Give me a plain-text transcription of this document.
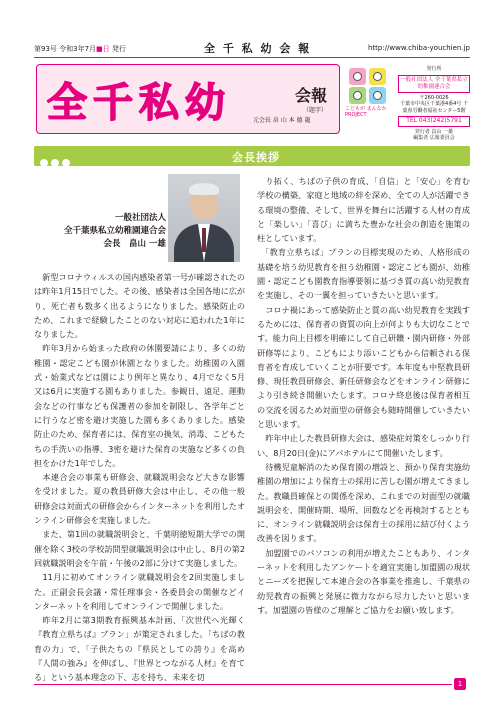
第93号 令和3年7月■日 発行	全 千 私 幼 会 報	http://www.chiba-youchien.jp
全千私幼	会報
（題字）
元会長 畠 山 本 德 龍
こどもが まんなか PROJECT
発行所
一般社団法人 全千葉県私立幼稚園連合会
〒260-0026
千葉市中央区千葉港4番4号 千葉県労働者福祉センター5階
TEL 043(242)5791
発行者 畠山 一雄
編集者 広報委員会
会長挨拶
一般社団法人
全千葉県私立幼稚園連合会
会長　畠山 一雄

　新型コロナウィルスの国内感染者第一号が確認されたのは昨年1月15日でした。その後、感染者は全国各地に広がり、死亡者も数多く出るようになりました。感染防止のため、これまで経験したことのない対応に追われた1年になりました。

　昨年3月から始まった政府の休園要請により、多くの幼稚園・認定こども園が休園となりました。幼稚園の入園式・始業式などは園により例年と異なり、4月でなく5月又は6月に実施する園もありました。参観日、遠足、運動会などの行事なども保護者の参加を制限し、各学年ごとに行うなど密を避け実施した園も多くありました。感染防止のため、保育者には、保育室の換気、消毒、こどもたちの手洗いの指導、3密を避けた保育の実施など多くの負担をかけた1年でした。

　本連合会の事業も研修会、就職説明会など大きな影響を受けました。夏の教員研修大会は中止し、その他一般研修会は対面式の研修会からインターネットを利用したオンライン研修会を実施しました。

　また、第1回の就職説明会と、千葉明徳短期大学での開催を除く3校の学校訪問型就職説明会は中止し、8月の第2回就職説明会を午前・午後の2部に分けて実施しました。

　11月に初めてオンライン就職説明会を2回実施しました。正副会長会議・常任理事会・各委員会の開催などインターネットを利用してオンラインで開催しました。

　昨年2月に第3期教育振興基本計画、「次世代へ光輝く『教育立県ちば』プラン」が策定されました。「ちばの教育の力」で、「子供たちの『県民としての誇り』を高め『人間の強み』を伸ばし、『世界とつながる人材』を育てる」という基本理念の下、志を持ち、未来を切

　り拓く、ちばの子供の育成、「自信」と「安心」を育む学校の構築、家庭と地域の絆を深め、全ての人が活躍できる環境の整備、そして、世界を舞台に活躍する人材の育成と「楽しい」「喜び」に満ちた豊かな社会の創造を施策の柱としています。

　「教育立県ちば」プランの目標実現のため、人格形成の基礎を培う幼児教育を担う幼稚園・認定こども園が、幼稚園・認定こども園教育指導要領に基づき質の高い幼児教育を実施し、その一翼を担っていきたいと思います。

　コロナ禍にあって感染防止と質の高い幼児教育を実践するためには、保育者の資質の向上が何よりも大切なことです。能力向上目標を明確にして自己研鑽・園内研修・外部研修等により、こどもにより添いこどもから信頼される保育者を育成していくことが肝要です。本年度も中堅教員研修、現任教員研修会、新任研修会などをオンライン研修により引き続き開催いたします。コロナ終息後は保育者相互の交流を図るため対面型の研修会も随時開催していきたいと思います。

　昨年中止した教員研修大会は、感染症対策をしっかり行い、8月20日(金)にアパホテルにて開催いたします。

　待機児童解消のため保育園の増設と、預かり保育実施幼稚園の増加により保育士の採用に苦しむ園が増えてきました。教職員確保との関係を深め、これまでの対面型の就職説明会を、開催時期、場所、回数などを再検討するとともに、オンライン就職説明会は保育士の採用に結び付くよう改善を図ります。

　加盟園でのパソコンの利用が増えたこともあり、インターネットを利用したアンケートを適宜実施し加盟園の現状とニーズを把握して本連合会の各事業を推進し、千葉県の幼児教育の振興と発展に微力ながら尽力したいと思います。加盟園の皆様のご理解とご協力をお願い致します。

1
